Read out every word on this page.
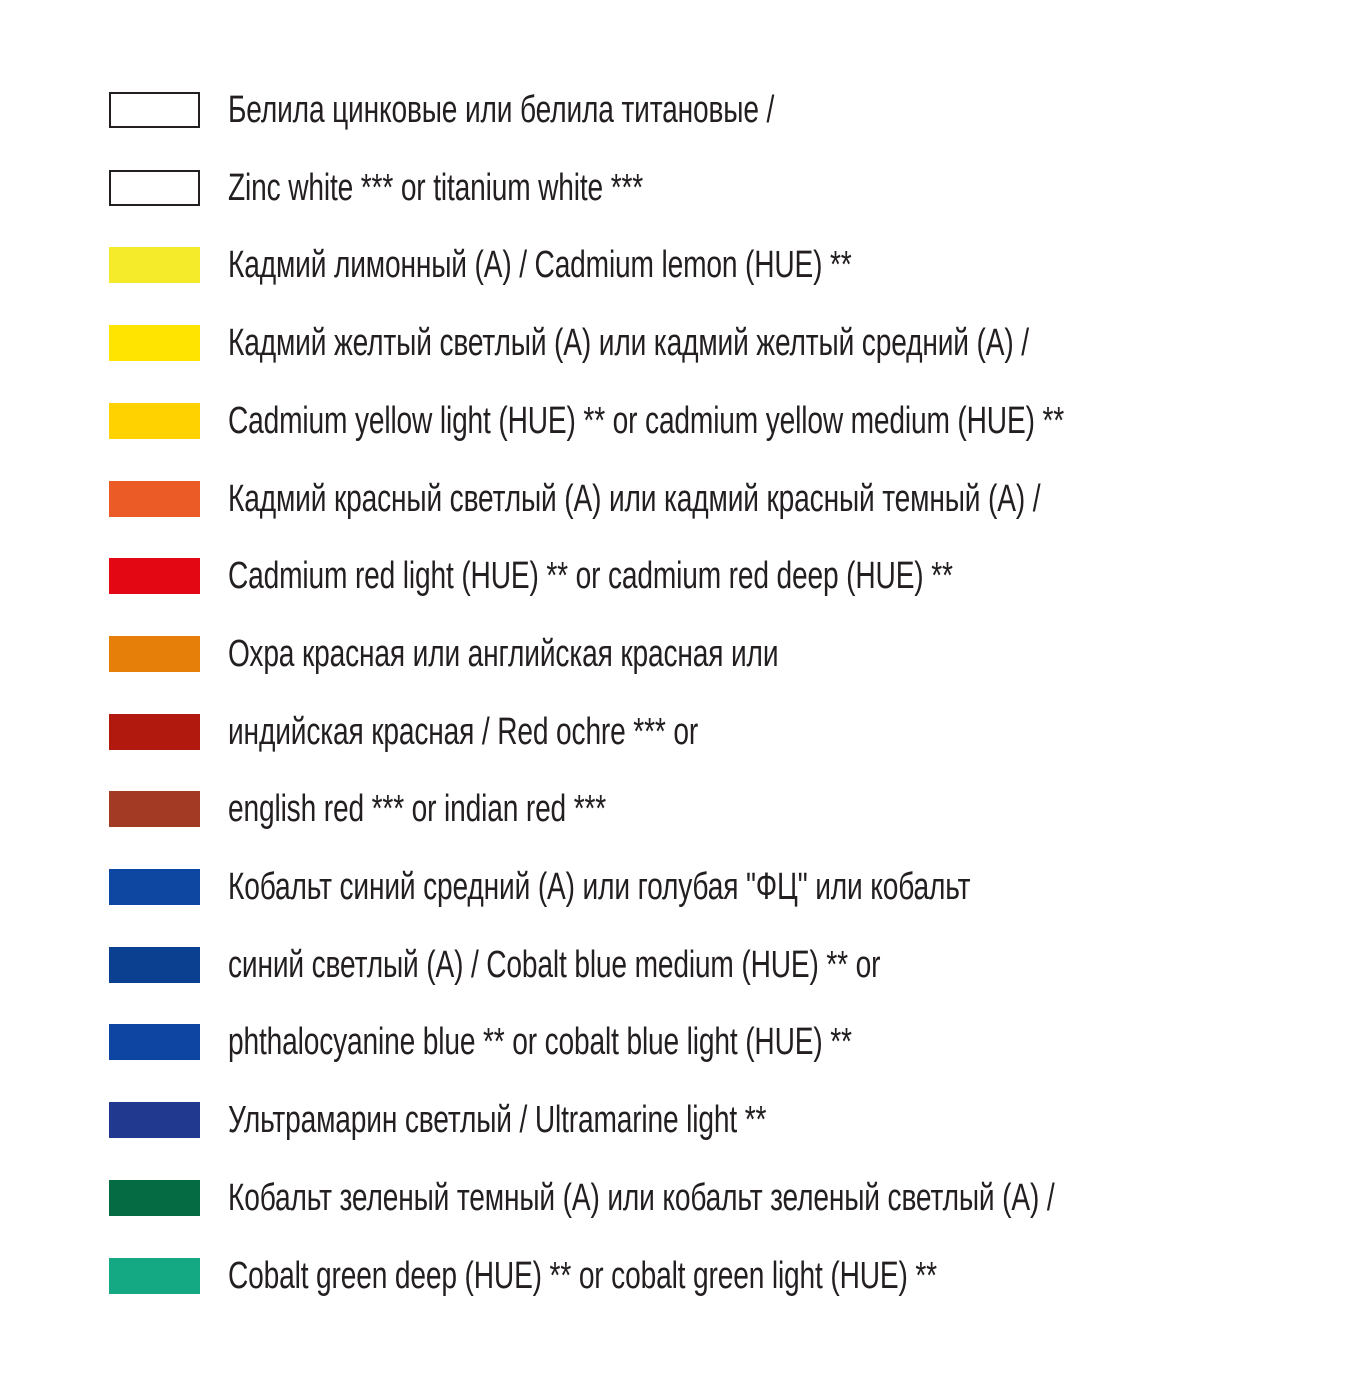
Белила цинковые или белила титановые /
Zinc white *** or titanium white ***
Кадмий лимонный (А) / Cadmium lemon (HUE) **
Кадмий желтый светлый (А) или кадмий желтый средний (А) /
Cadmium yellow light (HUE) ** or cadmium yellow medium (HUE) **
Кадмий красный светлый (А) или кадмий красный темный (А) /
Cadmium red light (HUE) ** or cadmium red deep (HUE) **
Охра красная или английская красная или
индийская красная / Red ochre *** or
english red *** or indian red ***
Кобальт синий средний (А) или голубая "ФЦ" или кобальт
синий светлый (А) / Cobalt blue medium (HUE) ** or
phthalocyanine blue ** or cobalt blue light (HUE) **
Ультрамарин светлый / Ultramarine light **
Кобальт зеленый темный (А) или кобальт зеленый светлый (А) /
Cobalt green deep (HUE) ** or cobalt green light (HUE) **
